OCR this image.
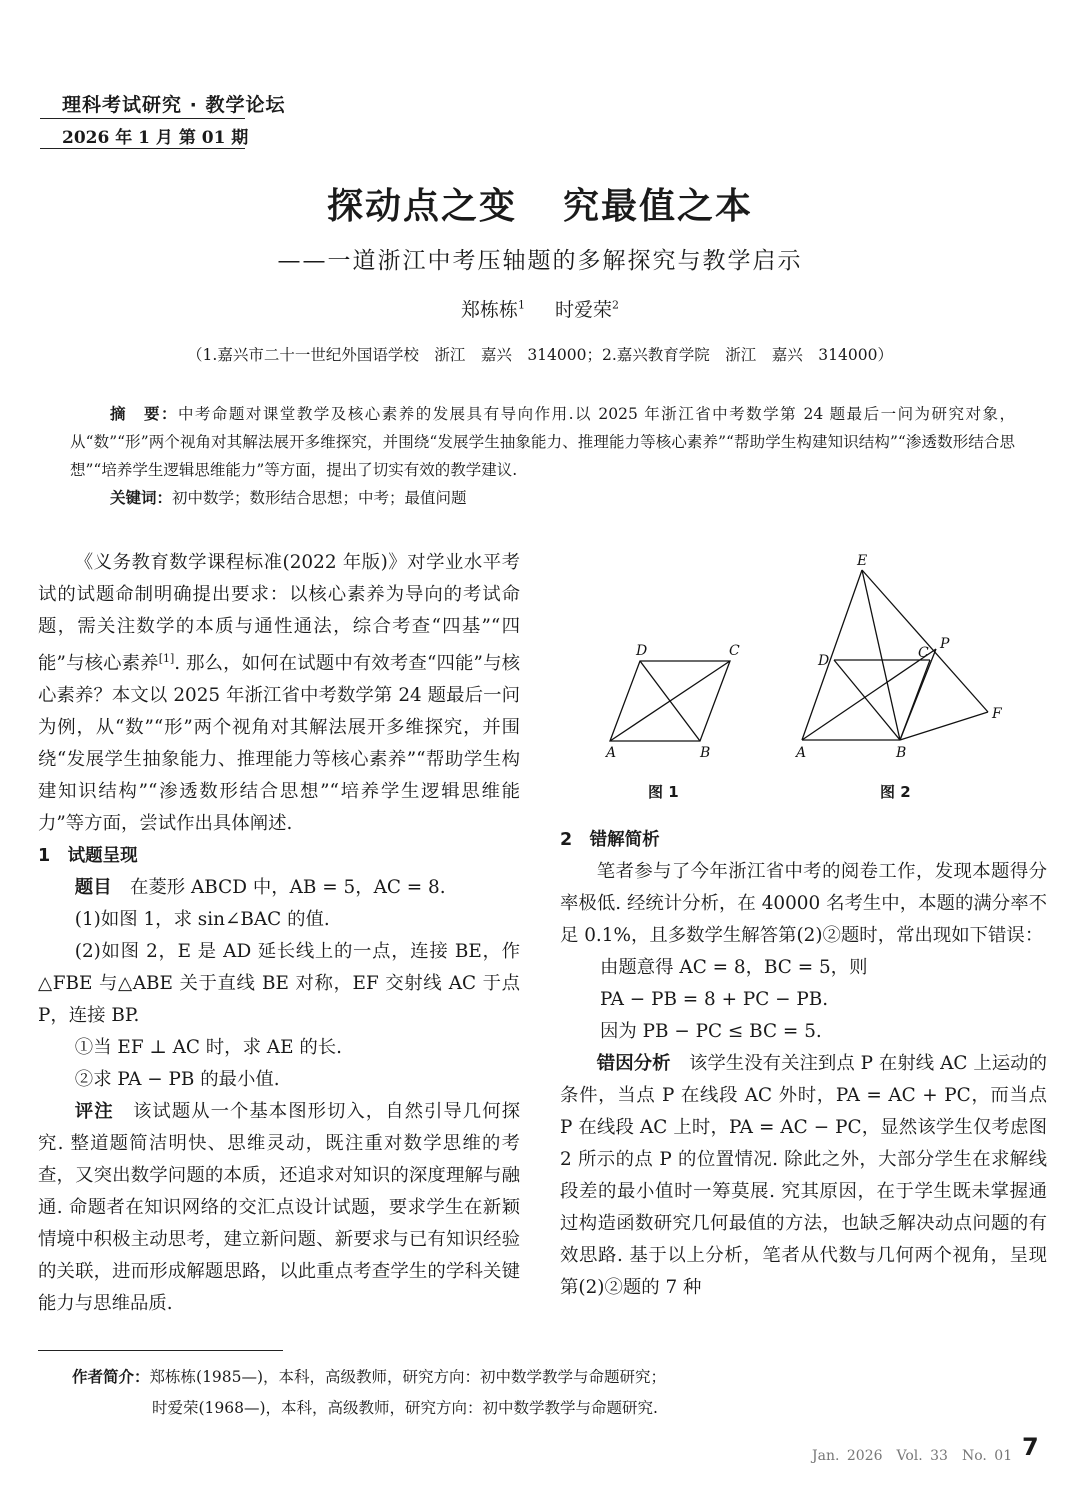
理科考试研究 · 教学论坛
2026 年 1 月 第 01 期
探动点之变 究最值之本
——一道浙江中考压轴题的多解探究与教学启示
郑栋栋$^1$ 时爱荣$^2$
（1.嘉兴市二十一世纪外国语学校　浙江　嘉兴　314000；2.嘉兴教育学院　浙江　嘉兴　314000）
摘　要：中考命题对课堂教学及核心素养的发展具有导向作用.以 2025 年浙江省中考数学第 24 题最后一问为研究对象，从“数”“形”两个视角对其解法展开多维探究，并围绕“发展学生抽象能力、推理能力等核心素养”“帮助学生构建知识结构”“渗透数形结合思想”“培养学生逻辑思维能力”等方面，提出了切实有效的教学建议.
关键词：初中数学；数形结合思想；中考；最值问题

《义务教育数学课程标准(2022 年版)》对学业水平考试的试题命制明确提出要求：以核心素养为导向的考试命题，需关注数学的本质与通性通法，综合考查“四基”“四能”与核心素养[1]. 那么，如何在试题中有效考查“四能”与核心素养？本文以 2025 年浙江省中考数学第 24 题最后一问为例，从“数”“形”两个视角对其解法展开多维探究，并围绕“发展学生抽象能力、推理能力等核心素养”“帮助学生构建知识结构”“渗透数形结合思想”“培养学生逻辑思维能力”等方面，尝试作出具体阐述.

1　试题呈现

题目　 在菱形 ABCD 中，AB = 5，AC = 8.

(1)如图 1，求 sin∠BAC 的值.

(2)如图 2，E 是 AD 延长线上的一点，连接 BE，作△FBE 与△ABE 关于直线 BE 对称，EF 交射线 AC 于点 P，连接 BP.

①当 EF ⊥ AC 时，求 AE 的长.

②求 PA − PB 的最小值.

评注　 该试题从一个基本图形切入，自然引导几何探究. 整道题简洁明快、思维灵动，既注重对数学思维的考查，又突出数学问题的本质，还追求对知识的深度理解与融通. 命题者在知识网络的交汇点设计试题，要求学生在新颖情境中积极主动思考，建立新问题、新要求与已有知识经验的关联，进而形成解题思路，以此重点考查学生的学科关键能力与思维品质.

D	C
A	B
图 1
E
D	C
P
F
A	B
图 2

2　错解简析

笔者参与了今年浙江省中考的阅卷工作，发现本题得分率极低. 经统计分析，在 40000 名考生中，本题的满分率不足 0.1%，且多数学生解答第(2)②题时，常出现如下错误：

由题意得 AC = 8，BC = 5，则

PA − PB = 8 + PC − PB.

因为 PB − PC ≤ BC = 5.

错因分析　 该学生没有关注到点 P 在射线 AC 上运动的条件，当点 P 在线段 AC 外时，PA = AC + PC，而当点 P 在线段 AC 上时，PA = AC − PC，显然该学生仅考虑图 2 所示的点 P 的位置情况. 除此之外，大部分学生在求解线段差的最小值时一筹莫展. 究其原因，在于学生既未掌握通过构造函数研究几何最值的方法，也缺乏解决动点问题的有效思路. 基于以上分析，笔者从代数与几何两个视角，呈现第(2)②题的 7 种

作者简介：郑栋栋(1985—)，本科，高级教师，研究方向：初中数学教学与命题研究；
时爱荣(1968—)，本科，高级教师，研究方向：初中数学教学与命题研究.
Jan. 2026　Vol. 33　No. 01 7
